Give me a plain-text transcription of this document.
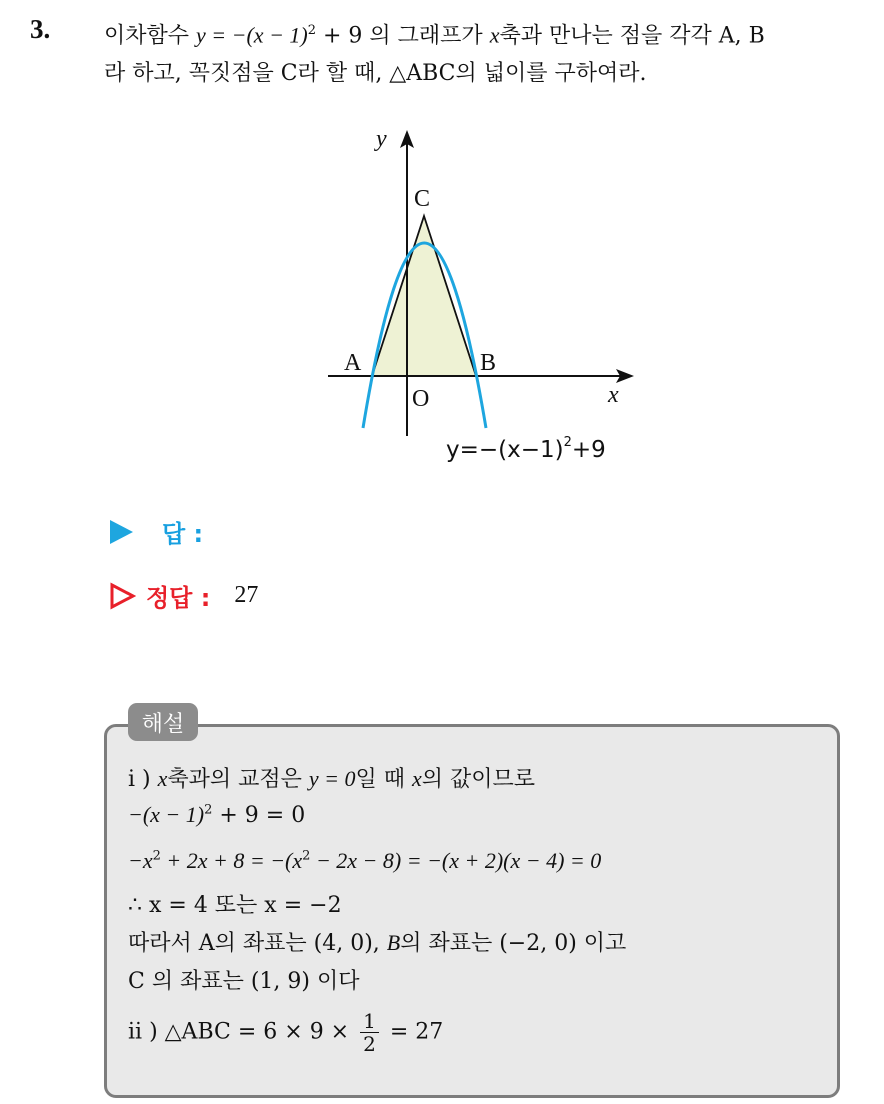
3. 이차함수 $y = -(x - 1)^2 + 9$ 의 그래프가 x축과 만나는 점을 각각 A, B
라 하고, 꼭짓점을 C라 할 때, △ABC의 넓이를 구하여라.
y
x
O
A	B
C
$y=-(x-1)^2+9$
답 :
정답 : 27
해설
i ) x축과의 교점은 y = 0일 때 x의 값이므로
$-(x - 1)^2 + 9 = 0$
$-x^2 + 2x + 8 = -(x^2 - 2x - 8) = -(x + 2)(x - 4) = 0$
∴ x = 4 또는 x = −2
따라서 A의 좌표는 (4, 0), B의 좌표는 (−2, 0) 이고
C 의 좌표는 (1, 9) 이다
ii ) △ABC = $6 \times 9 \times \frac{1}{2} = 27$
